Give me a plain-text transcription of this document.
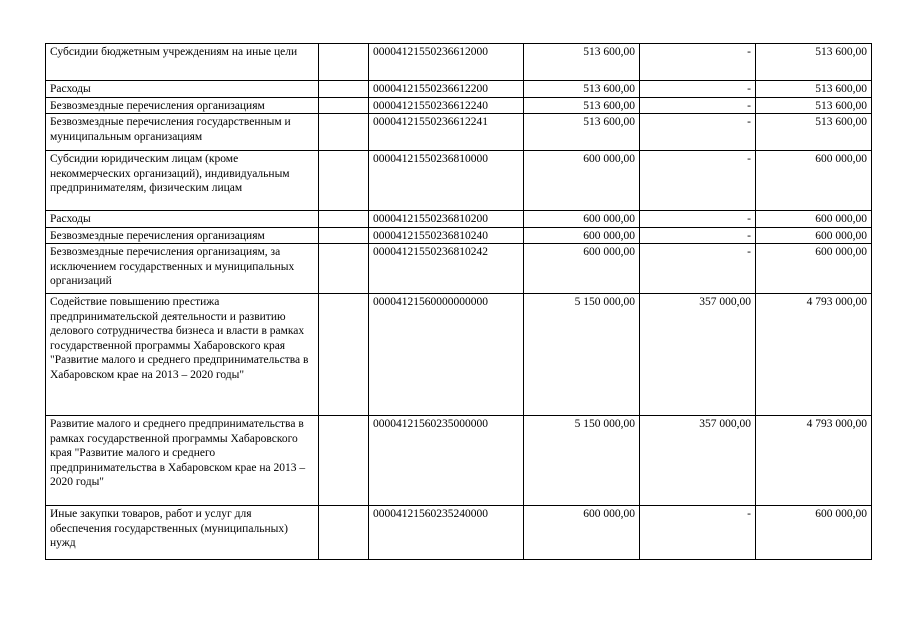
Субсидии бюджетным учреждениям на иные цели		00004121550236612000	513 600,00	-	513 600,00
Расходы		00004121550236612200	513 600,00	-	513 600,00
Безвозмездные перечисления организациям		00004121550236612240	513 600,00	-	513 600,00
Безвозмездные перечисления государственным и муниципальным организациям		00004121550236612241	513 600,00	-	513 600,00
Субсидии юридическим лицам (кроме некоммерческих организаций), индивидуальным предпринимателям, физическим лицам		00004121550236810000	600 000,00	-	600 000,00
Расходы		00004121550236810200	600 000,00	-	600 000,00
Безвозмездные перечисления организациям		00004121550236810240	600 000,00	-	600 000,00
Безвозмездные перечисления организациям, за исключением государственных и муниципальных организаций		00004121550236810242	600 000,00	-	600 000,00
Содействие повышению престижа предпринимательской деятельности и развитию делового сотрудничества бизнеса и власти в рамках государственной программы Хабаровского края "Развитие малого и среднего предпринимательства в Хабаровском крае на 2013 – 2020 годы"		00004121560000000000	5 150 000,00	357 000,00	4 793 000,00
Развитие малого и среднего предпринимательства в рамках государственной программы Хабаровского края "Развитие малого и среднего предпринимательства в Хабаровском крае на 2013 – 2020 годы"		00004121560235000000	5 150 000,00	357 000,00	4 793 000,00
Иные закупки товаров, работ и услуг для обеспечения государственных (муниципальных) нужд		00004121560235240000	600 000,00	-	600 000,00
